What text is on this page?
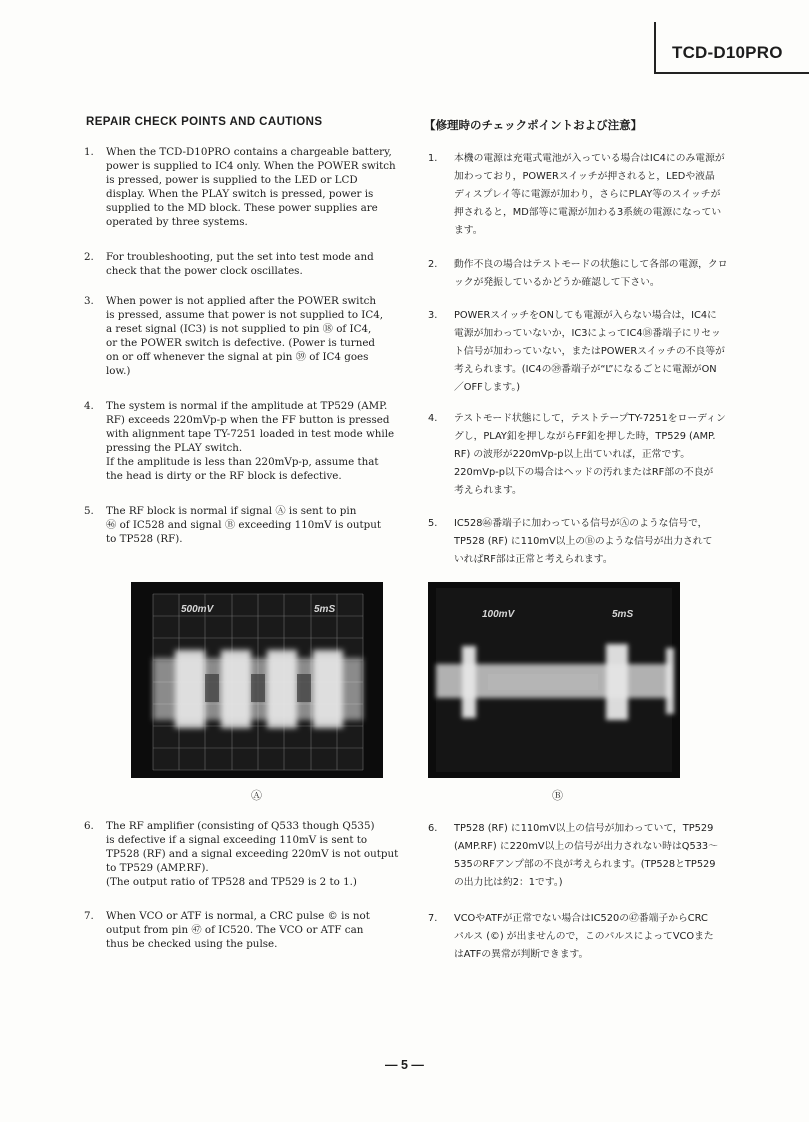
TCD-D10PRO
REPAIR CHECK POINTS AND CAUTIONS	【修理時のチェックポイントおよび注意】
1. When the TCD-D10PRO contains a chargeable battery,
power is supplied to IC4 only. When the POWER switch
is pressed, power is supplied to the LED or LCD
display. When the PLAY switch is pressed, power is
supplied to the MD block. These power supplies are
operated by three systems.
2. For troubleshooting, put the set into test mode and
check that the power clock oscillates.
3. When power is not applied after the POWER switch
is pressed, assume that power is not supplied to IC4,
a reset signal (IC3) is not supplied to pin ⑱ of IC4,
or the POWER switch is defective. (Power is turned
on or off whenever the signal at pin ㊴ of IC4 goes
low.)
4. The system is normal if the amplitude at TP529 (AMP.
RF) exceeds 220mVp-p when the FF button is pressed
with alignment tape TY-7251 loaded in test mode while
pressing the PLAY switch.
If the amplitude is less than 220mVp-p, assume that
the head is dirty or the RF block is defective.
5. The RF block is normal if signal Ⓐ is sent to pin
㊻ of IC528 and signal Ⓑ exceeding 110mV is output
to TP528 (RF).
6. The RF amplifier (consisting of Q533 though Q535)
is defective if a signal exceeding 110mV is sent to
TP528 (RF) and a signal exceeding 220mV is not output
to TP529 (AMP.RF).
(The output ratio of TP528 and TP529 is 2 to 1.)
7. When VCO or ATF is normal, a CRC pulse © is not
output from pin ㊼ of IC520. The VCO or ATF can
thus be checked using the pulse.
1. 本機の電源は充電式電池が入っている場合はIC4にのみ電源が
加わっており，POWERスイッチが押されると，LEDや液晶
ディスプレイ等に電源が加わり，さらにPLAY等のスイッチが
押されると，MD部等に電源が加わる3系統の電源になってい
ます。
2. 動作不良の場合はテストモードの状態にして各部の電源，クロ
ックが発振しているかどうか確認して下さい。
3. POWERスイッチをONしても電源が入らない場合は，IC4に
電源が加わっていないか，IC3によってIC4⑱番端子にリセッ
ト信号が加わっていない，またはPOWERスイッチの不良等が
考えられます。(IC4の㊴番端子が“L”になるごとに電源がON
／OFFします。)
4. テストモード状態にして，テストテープTY-7251をローディン
グし，PLAY釦を押しながらFF釦を押した時，TP529 (AMP.
RF) の波形が220mVp-p以上出ていれば，正常です。
220mVp-p以下の場合はヘッドの汚れまたはRF部の不良が
考えられます。
5. IC528㊻番端子に加わっている信号がⒶのような信号で，
TP528 (RF) に110mV以上のⒷのような信号が出力されて
いればRF部は正常と考えられます。
6. TP528 (RF) に110mV以上の信号が加わっていて，TP529
(AMP.RF) に220mV以上の信号が出力されない時はQ533～
535のRFアンプ部の不良が考えられます。(TP528とTP529
の出力比は約2：1です。)
7. VCOやATFが正常でない場合はIC520の㊼番端子からCRC
パルス (©) が出ませんので，このパルスによってVCOまた
はATFの異常が判断できます。
500mV	5mS
Ⓐ
100mV	5mS
Ⓑ
— 5 —
